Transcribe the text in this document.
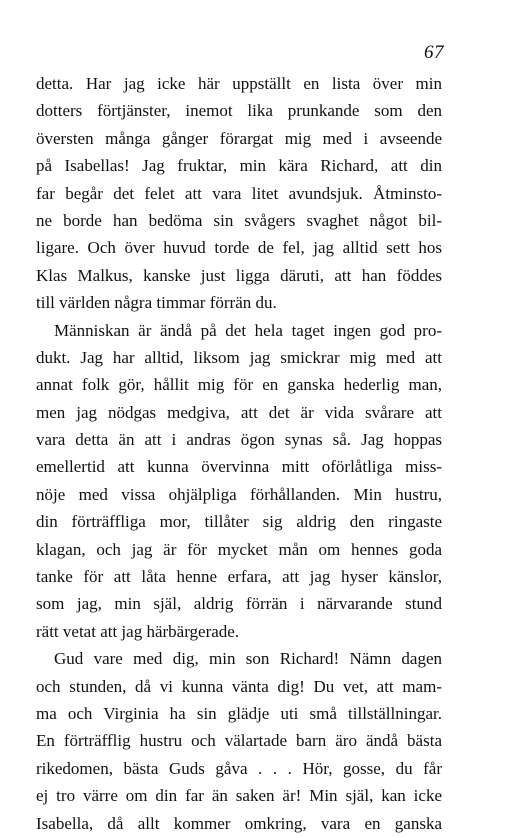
67
detta. Har jag icke här uppställt en lista över min
dotters förtjänster, inemot lika prunkande som den
översten många gånger förargat mig med i avseende
på Isabellas! Jag fruktar, min kära Richard, att din
far begår det felet att vara litet avundsjuk. Åtminsto-
ne borde han bedöma sin svågers svaghet något bil-
ligare. Och över huvud torde de fel, jag alltid sett hos
Klas Malkus, kanske just ligga däruti, att han föddes
till världen några timmar förrän du.
Människan är ändå på det hela taget ingen god pro-
dukt. Jag har alltid, liksom jag smickrar mig med att
annat folk gör, hållit mig för en ganska hederlig man,
men jag nödgas medgiva, att det är vida svårare att
vara detta än att i andras ögon synas så. Jag hoppas
emellertid att kunna övervinna mitt oförlåtliga miss-
nöje med vissa ohjälpliga förhållanden. Min hustru,
din förträffliga mor, tillåter sig aldrig den ringaste
klagan, och jag är för mycket mån om hennes goda
tanke för att låta henne erfara, att jag hyser känslor,
som jag, min själ, aldrig förrän i närvarande stund
rätt vetat att jag härbärgerade.
Gud vare med dig, min son Richard! Nämn dagen
och stunden, då vi kunna vänta dig! Du vet, att mam-
ma och Virginia ha sin glädje uti små tillställningar.
En förträfflig hustru och välartade barn äro ändå bästa
rikedomen, bästa Guds gåva . . . Hör, gosse, du får
ej tro värre om din far än saken är! Min själ, kan icke
Isabella, då allt kommer omkring, vara en ganska
